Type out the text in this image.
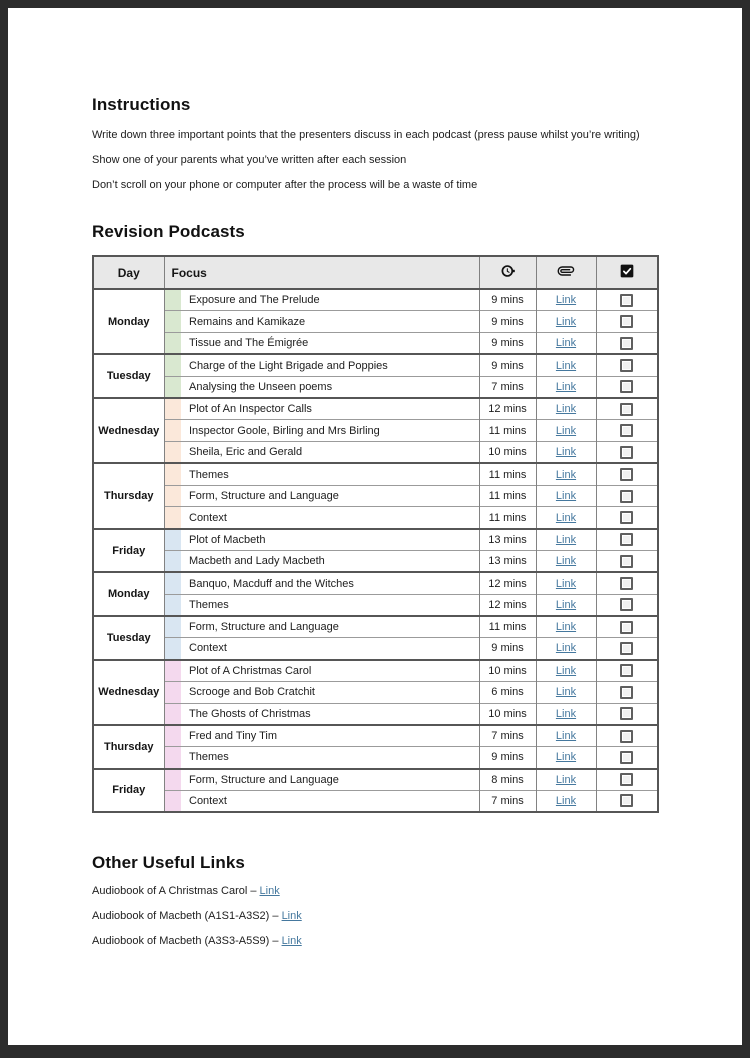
Instructions

Write down three important points that the presenters discuss in each podcast (press pause whilst you’re writing)

Show one of your parents what you’ve written after each session

Don’t scroll on your phone or computer after the process will be a waste of time

Revision Podcasts
Day	Focus			
Monday		Exposure and The Prelude	9 mins	Link	
		Remains and Kamikaze	9 mins	Link	
		Tissue and The Émigrée	9 mins	Link	
Tuesday		Charge of the Light Brigade and Poppies	9 mins	Link	
		Analysing the Unseen poems	7 mins	Link	
Wednesday		Plot of An Inspector Calls	12 mins	Link	
		Inspector Goole, Birling and Mrs Birling	11 mins	Link	
		Sheila, Eric and Gerald	10 mins	Link	
Thursday		Themes	11 mins	Link	
		Form, Structure and Language	11 mins	Link	
		Context	11 mins	Link	
Friday		Plot of Macbeth	13 mins	Link	
		Macbeth and Lady Macbeth	13 mins	Link	
Monday		Banquo, Macduff and the Witches	12 mins	Link	
		Themes	12 mins	Link	
Tuesday		Form, Structure and Language	11 mins	Link	
		Context	9 mins	Link	
Wednesday		Plot of A Christmas Carol	10 mins	Link	
		Scrooge and Bob Cratchit	6 mins	Link	
		The Ghosts of Christmas	10 mins	Link	
Thursday		Fred and Tiny Tim	7 mins	Link	
		Themes	9 mins	Link	
Friday		Form, Structure and Language	8 mins	Link	
		Context	7 mins	Link	
Other Useful Links

Audiobook of A Christmas Carol – Link

Audiobook of Macbeth (A1S1-A3S2) – Link

Audiobook of Macbeth (A3S3-A5S9) – Link
